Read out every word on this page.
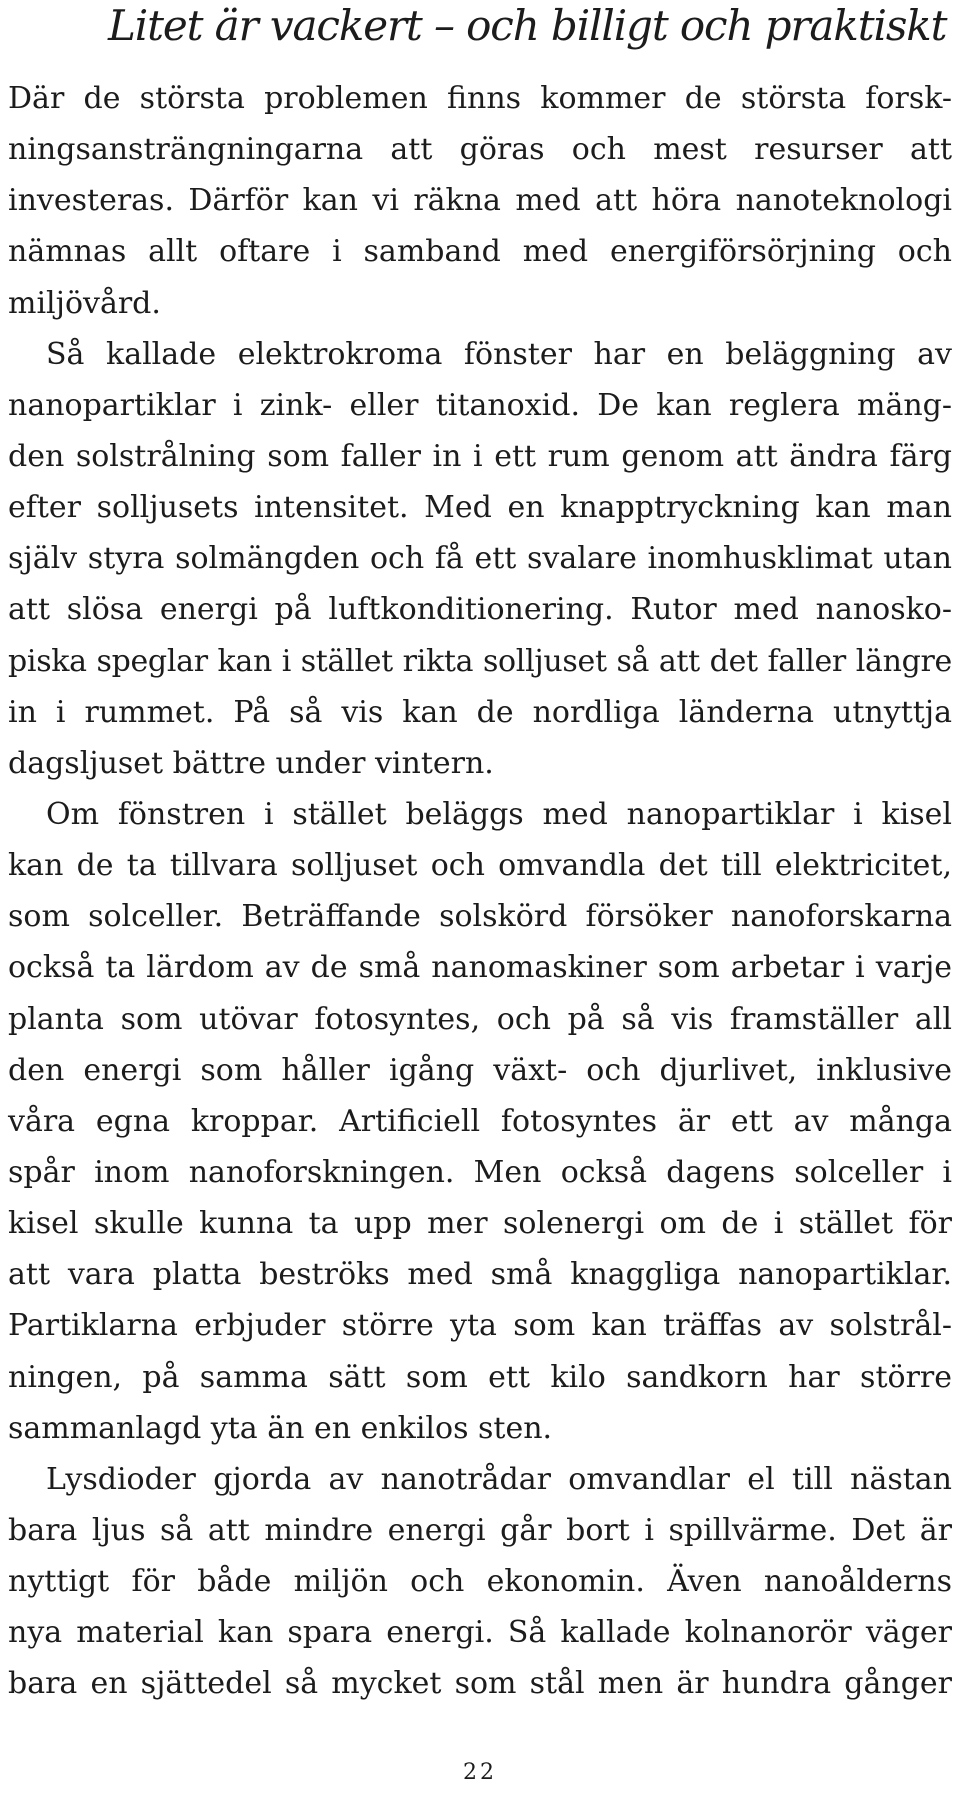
Litet är vackert – och billigt och praktiskt
Där de största problemen finns kommer de största forsk-
ningsansträngningarna att göras och mest resurser att
investeras. Därför kan vi räkna med att höra nanoteknologi
nämnas allt oftare i samband med energiförsörjning och
miljövård.
Så kallade elektrokroma fönster har en beläggning av
nanopartiklar i zink- eller titanoxid. De kan reglera mäng-
den solstrålning som faller in i ett rum genom att ändra färg
efter solljusets intensitet. Med en knapptryckning kan man
själv styra solmängden och få ett svalare inomhusklimat utan
att slösa energi på luftkonditionering. Rutor med nanosko-
piska speglar kan i stället rikta solljuset så att det faller längre
in i rummet. På så vis kan de nordliga länderna utnyttja
dagsljuset bättre under vintern.
Om fönstren i stället beläggs med nanopartiklar i kisel
kan de ta tillvara solljuset och omvandla det till elektricitet,
som solceller. Beträffande solskörd försöker nanoforskarna
också ta lärdom av de små nanomaskiner som arbetar i varje
planta som utövar fotosyntes, och på så vis framställer all
den energi som håller igång växt- och djurlivet, inklusive
våra egna kroppar. Artificiell fotosyntes är ett av många
spår inom nanoforskningen. Men också dagens solceller i
kisel skulle kunna ta upp mer solenergi om de i stället för
att vara platta beströks med små knaggliga nanopartiklar.
Partiklarna erbjuder större yta som kan träffas av solstrål-
ningen, på samma sätt som ett kilo sandkorn har större
sammanlagd yta än en enkilos sten.
Lysdioder gjorda av nanotrådar omvandlar el till nästan
bara ljus så att mindre energi går bort i spillvärme. Det är
nyttigt för både miljön och ekonomin. Även nanoålderns
nya material kan spara energi. Så kallade kolnanorör väger
bara en sjättedel så mycket som stål men är hundra gånger
22
